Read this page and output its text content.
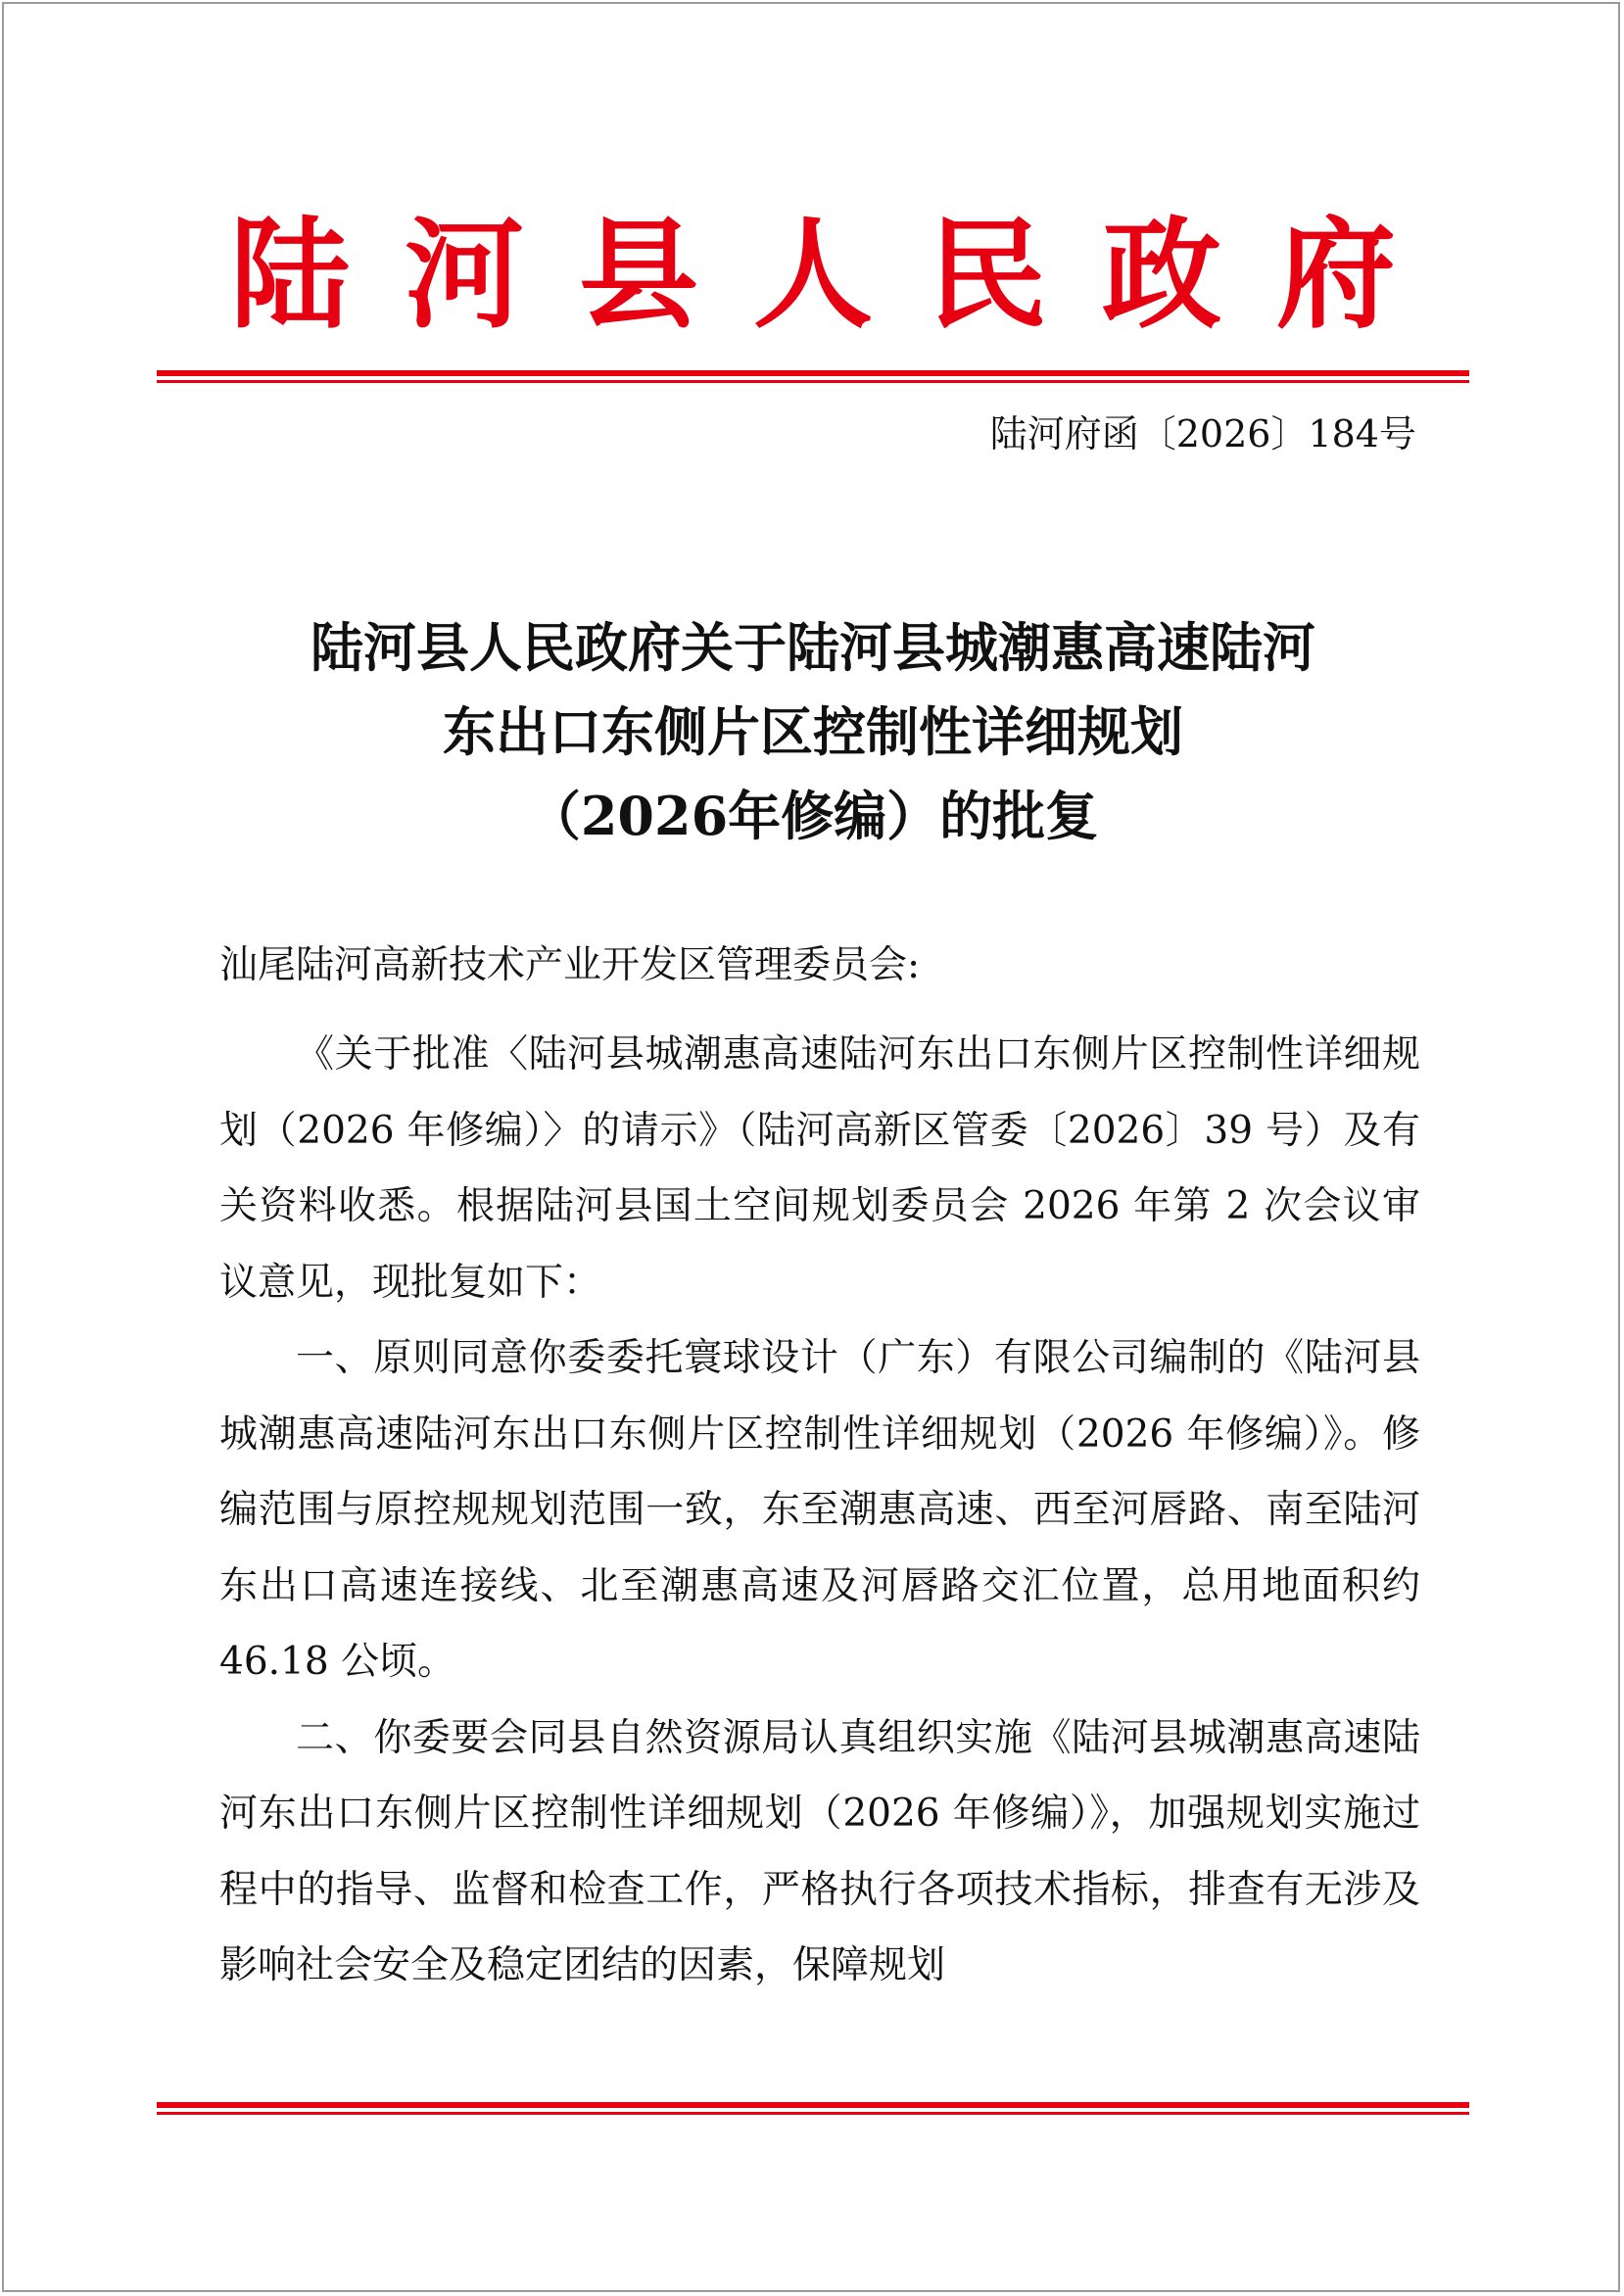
陆河县人民政府
陆河府函〔2026〕184号
陆河县人民政府关于陆河县城潮惠高速陆河
东出口东侧片区控制性详细规划
（2026年修编）的批复
汕尾陆河高新技术产业开发区管理委员会:

《关于批准〈陆河县城潮惠高速陆河东出口东侧片区控制性详细规划（2026 年修编）〉的请示》（陆河高新区管委〔2026〕39 号）及有关资料收悉。根据陆河县国土空间规划委员会 2026 年第 2 次会议审议意见，现批复如下：

一、原则同意你委委托寰球设计（广东）有限公司编制的《陆河县城潮惠高速陆河东出口东侧片区控制性详细规划（2026 年修编）》。修编范围与原控规规划范围一致，东至潮惠高速、西至河唇路、南至陆河东出口高速连接线、北至潮惠高速及河唇路交汇位置，总用地面积约 46.18 公顷。

二、你委要会同县自然资源局认真组织实施《陆河县城潮惠高速陆河东出口东侧片区控制性详细规划（2026 年修编）》，加强规划实施过程中的指导、监督和检查工作，严格执行各项技术指标，排查有无涉及影响社会安全及稳定团结的因素，保障规划
